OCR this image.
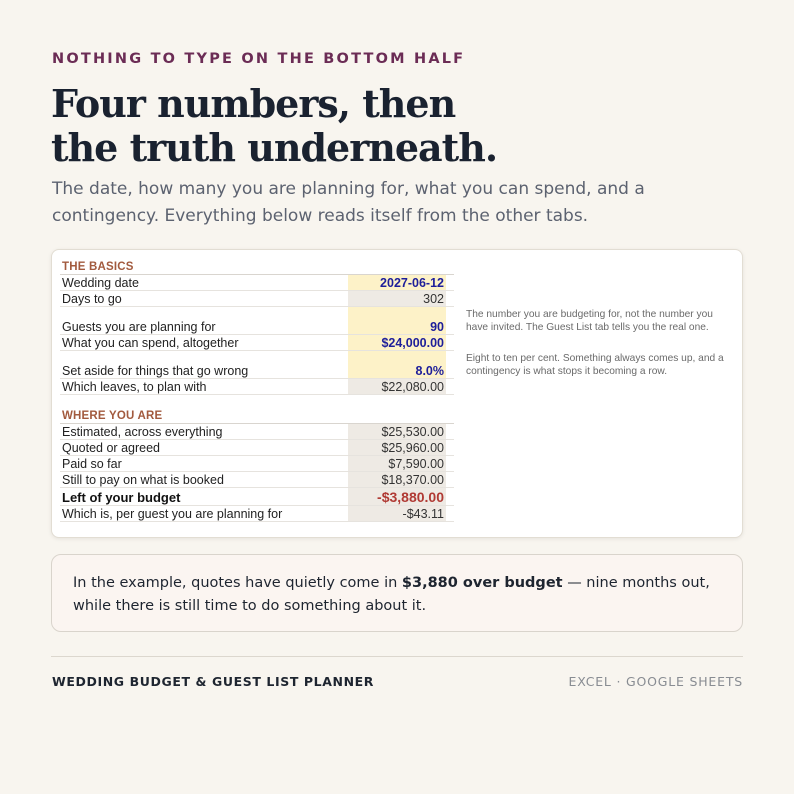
NOTHING TO TYPE ON THE BOTTOM HALF
Four numbers, then
the truth underneath.

The date, how many you are planning for, what you can spend, and a contingency. Everything below reads itself from the other tabs.

THE BASICS
Wedding date	2027-06-12
Days to go	302
Guests you are planning for	90
What you can spend, altogether	$24,000.00
Set aside for things that go wrong	8.0%
Which leaves, to plan with	$22,080.00
WHERE YOU ARE
Estimated, across everything	$25,530.00
Quoted or agreed	$25,960.00
Paid so far	$7,590.00
Still to pay on what is booked	$18,370.00
Left of your budget	-$3,880.00
Which is, per guest you are planning for	-$43.11
The number you are budgeting for, not the number you have invited. The Guest List tab tells you the real one.
Eight to ten per cent. Something always comes up, and a contingency is what stops it becoming a row.
In the example, quotes have quietly come in $3,880 over budget — nine months out, while there is still time to do something about it.
WEDDING BUDGET & GUEST LIST PLANNER	EXCEL · GOOGLE SHEETS
